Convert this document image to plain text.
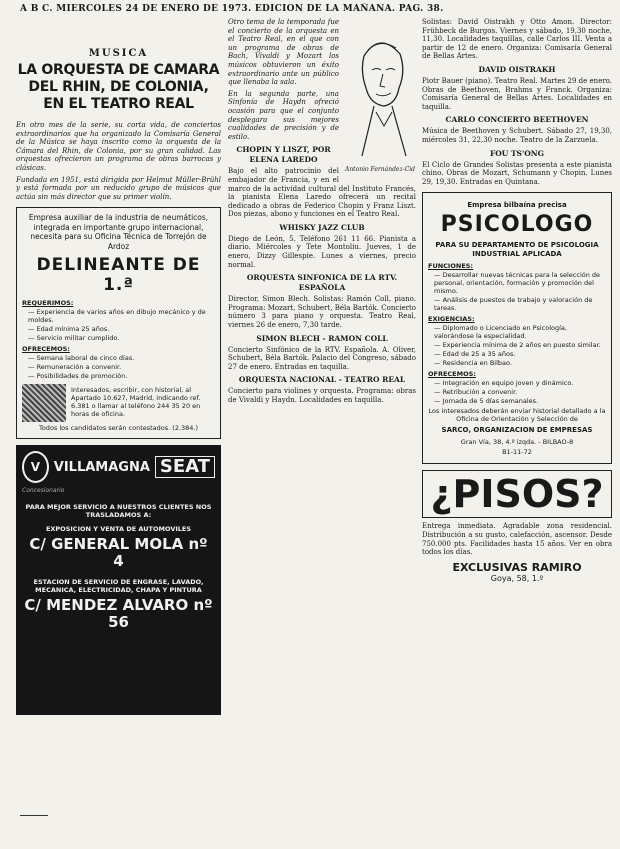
A B C. MIERCOLES 24 DE ENERO DE 1973. EDICION DE LA MAÑANA. PAG. 38.
MUSICA
LA ORQUESTA DE CAMARA DEL RHIN, DE COLONIA, EN EL TEATRO REAL

En otro mes de la serie, su corta vida, de conciertos extraordinarios que ha organizado la Comisaría General de la Música se haya inscrito como la orquesta de la Cámara del Rhin, de Colonia, por su gran calidad. Las orquestas ofrecieron un programa de obras barrocas y clásicas.

Fundada en 1951, está dirigida por Helmut Müller-Brühl y está formada por un reducido grupo de músicos que actúa sin más director que su primer violín.

Empresa auxiliar de la industria de neumáticos, integrada en importante grupo internacional, necesita para su Oficina Técnica de Torrejón de Ardoz
DELINEANTE DE 1.ª
REQUERIMOS:
— Experiencia de varios años en dibujo mecánico y de moldes.
— Edad mínima 25 años.
— Servicio militar cumplido.
OFRECEMOS:
— Semana laboral de cinco días.
— Remuneración a convenir.
— Posibilidades de promoción.
Interesados, escribir, con historial, al Apartado 10.627, Madrid, indicando ref. 6.381 o llamar al teléfono 244 35 20 en horas de oficina.
Todos los candidatos serán contestados. (2.384.)
V	VILLAMAGNA SEAT
Concesionario
PARA MEJOR SERVICIO A NUESTROS CLIENTES NOS TRASLADAMOS A:
EXPOSICION Y VENTA DE AUTOMOVILES
C/ GENERAL MOLA nº 4
ESTACION DE SERVICIO DE ENGRASE, LAVADO, MECANICA, ELECTRICIDAD, CHAPA Y PINTURA
C/ MENDEZ ALVARO nº 56
Antonio Fernández-Cid

Otro tema de la temporada fue el concierto de la orquesta en el Teatro Real, en el que con un programa de obras de Bach, Vivaldi y Mozart los músicos obtuvieron un éxito extraordinario ante un público que llenaba la sala.

En la segunda parte, una Sinfonía de Haydn ofreció ocasión para que el conjunto desplegara sus mejores cualidades de precisión y de estilo.

CHOPIN Y LISZT, POR ELENA LAREDO

Bajo el alto patrocinio del embajador de Francia, y en el marco de la actividad cultural del Instituto Francés, la pianista Elena Laredo ofrecerá un recital dedicado a obras de Federico Chopin y Franz Liszt. Dos piezas, abono y funciones en el Teatro Real.

WHISKY JAZZ CLUB

Diego de León, 5. Teléfono 261 11 66. Pianista a diario. Miércoles y Tete Montoliu. Jueves, 1 de enero, Dizzy Gillespie. Lunes a viernes, precio normal.

ORQUESTA SINFONICA DE LA RTV. ESPAÑOLA

Director, Simon Blech. Solistas: Ramón Coll, piano. Programa: Mozart, Schubert, Béla Bartók. Concierto número 3 para piano y orquesta. Teatro Real, viernes 26 de enero, 7,30 tarde.

SIMON BLECH - RAMON COLL

Concierto Sinfónico de la RTV. Española. A. Oliver, Schubert, Béla Bartók. Palacio del Congreso, sábado 27 de enero. Entradas en taquilla.

ORQUESTA NACIONAL - TEATRO REAL

Concierto para violines y orquesta. Programa: obras de Vivaldi y Haydn. Localidades en taquilla.

Solistas: David Oistrakh y Otto Amon. Director: Frühbeck de Burgos. Viernes y sábado, 19,30 noche, 11,30. Localidades taquillas, calle Carlos III. Venta a partir de 12 de enero. Organiza: Comisaría General de Bellas Artes.

DAVID OISTRAKH

Piotr Bauer (piano). Teatro Real. Martes 29 de enero. Obras de Beethoven, Brahms y Franck. Organiza: Comisaría General de Bellas Artes. Localidades en taquilla.

CARLO CONCIERTO BEETHOVEN

Música de Beethoven y Schubert. Sábado 27, 19,30, miércoles 31, 22,30 noche. Teatro de la Zarzuela.

FOU TS'ONG

El Ciclo de Grandes Solistas presenta a este pianista chino. Obras de Mozart, Schumann y Chopin. Lunes 29, 19,30. Entradas en Quintana.

Empresa bilbaína precisa
PSICOLOGO
PARA SU DEPARTAMENTO DE PSICOLOGIA INDUSTRIAL APLICADA
FUNCIONES:
— Desarrollar nuevas técnicas para la selección de personal, orientación, formación y promoción del mismo.
— Análisis de puestos de trabajo y valoración de tareas.
EXIGENCIAS:
— Diplomado o Licenciado en Psicología, valorándose la especialidad.
— Experiencia mínima de 2 años en puesto similar.
— Edad de 25 a 35 años.
— Residencia en Bilbao.
OFRECEMOS:
— Integración en equipo joven y dinámico.
— Retribución a convenir.
— Jornada de 5 días semanales.
Los interesados deberán enviar historial detallado a la Oficina de Orientación y Selección de
SARCO, ORGANIZACION DE EMPRESAS
Gran Vía, 38, 4.º izqda. - BILBAO-8
B1-11-72
¿PISOS?

Entrega inmediata. Agradable zona residencial. Distribución a su gusto, calefacción, ascensor. Desde 750.000 pts. Facilidades hasta 15 años. Ver en obra todos los días.

EXCLUSIVAS RAMIRO
Goya, 58, 1.º
